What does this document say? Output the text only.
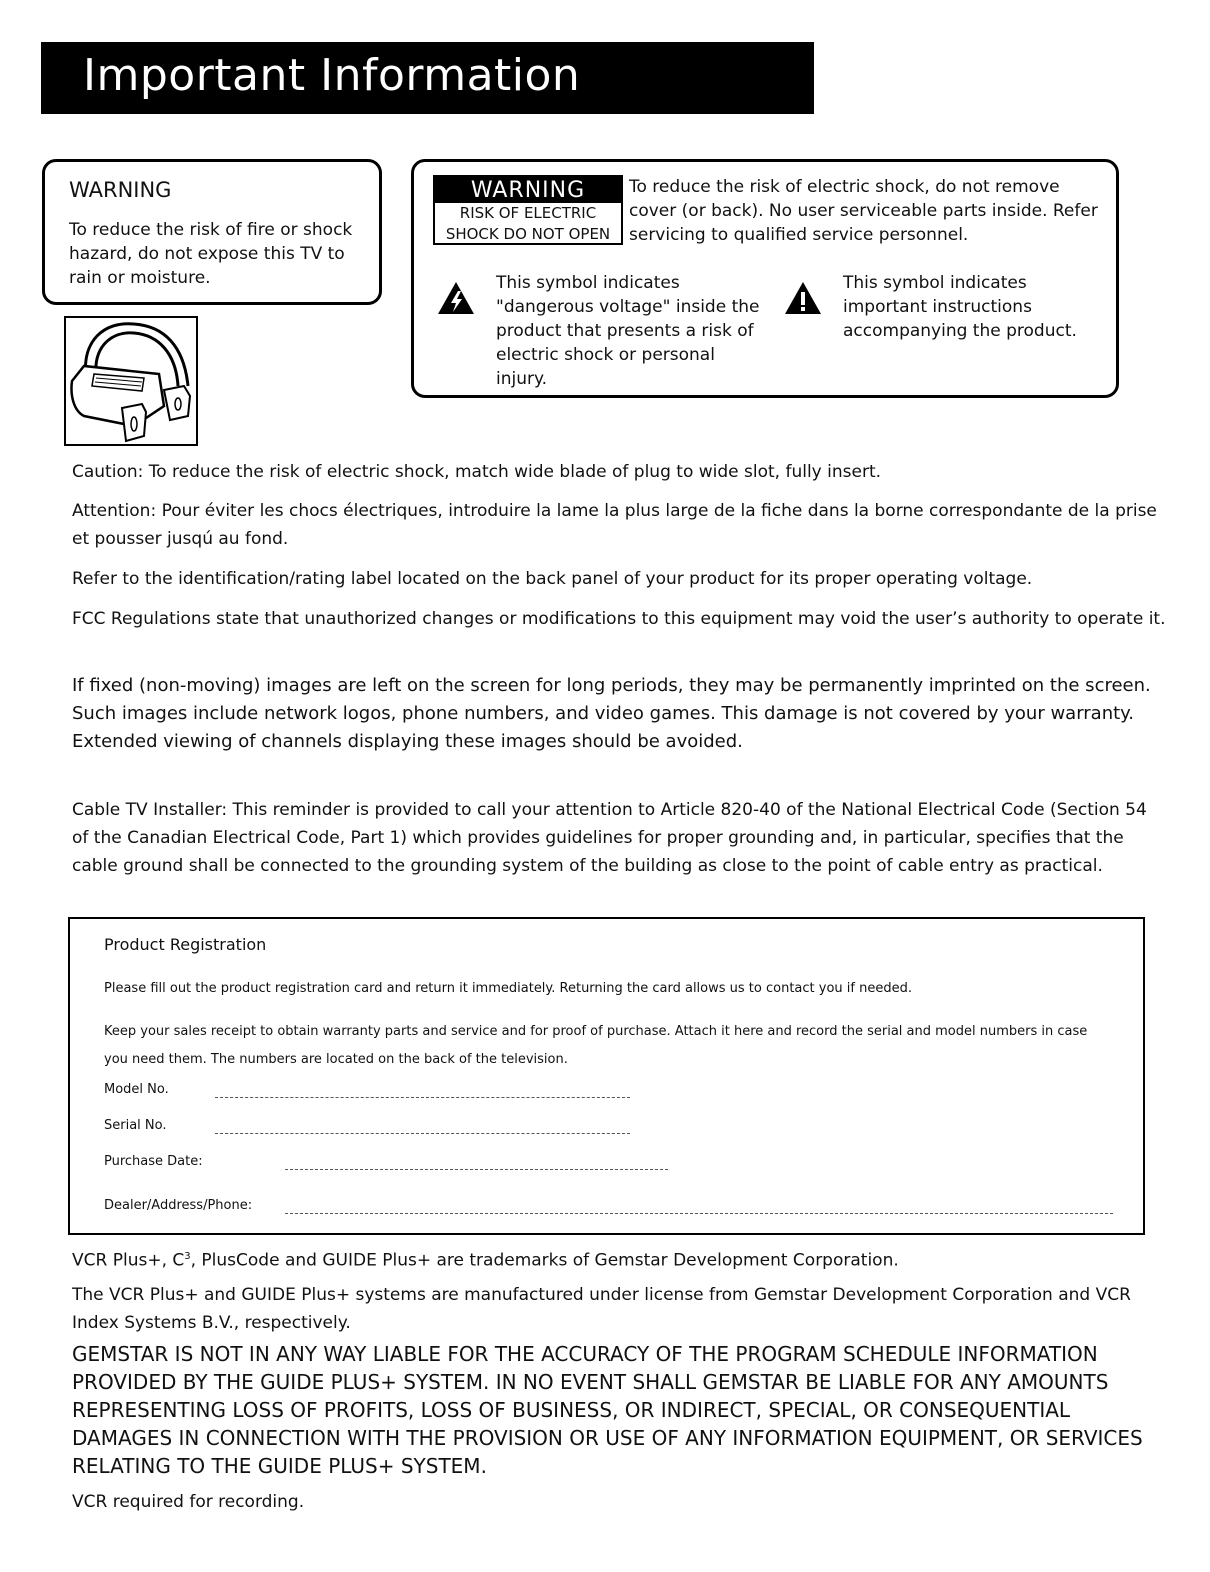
Important Information
WARNING
To reduce the risk of fire or shock hazard, do not expose this TV to rain or moisture.
WARNING
RISK OF ELECTRIC
SHOCK DO NOT OPEN
To reduce the risk of electric shock, do not remove cover (or back). No user serviceable parts inside. Refer servicing to qualified service personnel.
This symbol indicates "dangerous voltage" inside the product that presents a risk of electric shock or personal injury.
This symbol indicates important instructions accompanying the product.
Caution: To reduce the risk of electric shock, match wide blade of plug to wide slot, fully insert.
Attention: Pour éviter les chocs électriques, introduire la lame la plus large de la fiche dans la borne correspondante de la prise et pousser jusqú au fond.
Refer to the identification/rating label located on the back panel of your product for its proper operating voltage.
FCC Regulations state that unauthorized changes or modifications to this equipment may void the user’s authority to operate it.
If fixed (non-moving) images are left on the screen for long periods, they may be permanently imprinted on the screen. Such images include network logos, phone numbers, and video games. This damage is not covered by your warranty. Extended viewing of channels displaying these images should be avoided.
Cable TV Installer: This reminder is provided to call your attention to Article 820-40 of the National Electrical Code (Section 54 of the Canadian Electrical Code, Part 1) which provides guidelines for proper grounding and, in particular, specifies that the cable ground shall be connected to the grounding system of the building as close to the point of cable entry as practical.
Product Registration
Please fill out the product registration card and return it immediately. Returning the card allows us to contact you if needed.
Keep your sales receipt to obtain warranty parts and service and for proof of purchase. Attach it here and record the serial and model numbers in case you need them. The numbers are located on the back of the television.
Model No.
Serial No.
Purchase Date:
Dealer/Address/Phone:
VCR Plus+, $C^3$, PlusCode and GUIDE Plus+ are trademarks of Gemstar Development Corporation.
The VCR Plus+ and GUIDE Plus+ systems are manufactured under license from Gemstar Development Corporation and VCR Index Systems B.V., respectively.
GEMSTAR IS NOT IN ANY WAY LIABLE FOR THE ACCURACY OF THE PROGRAM SCHEDULE INFORMATION PROVIDED BY THE GUIDE PLUS+ SYSTEM. IN NO EVENT SHALL GEMSTAR BE LIABLE FOR ANY AMOUNTS REPRESENTING LOSS OF PROFITS, LOSS OF BUSINESS, OR INDIRECT, SPECIAL, OR CONSEQUENTIAL DAMAGES IN CONNECTION WITH THE PROVISION OR USE OF ANY INFORMATION EQUIPMENT, OR SERVICES RELATING TO THE GUIDE PLUS+ SYSTEM.
VCR required for recording.
